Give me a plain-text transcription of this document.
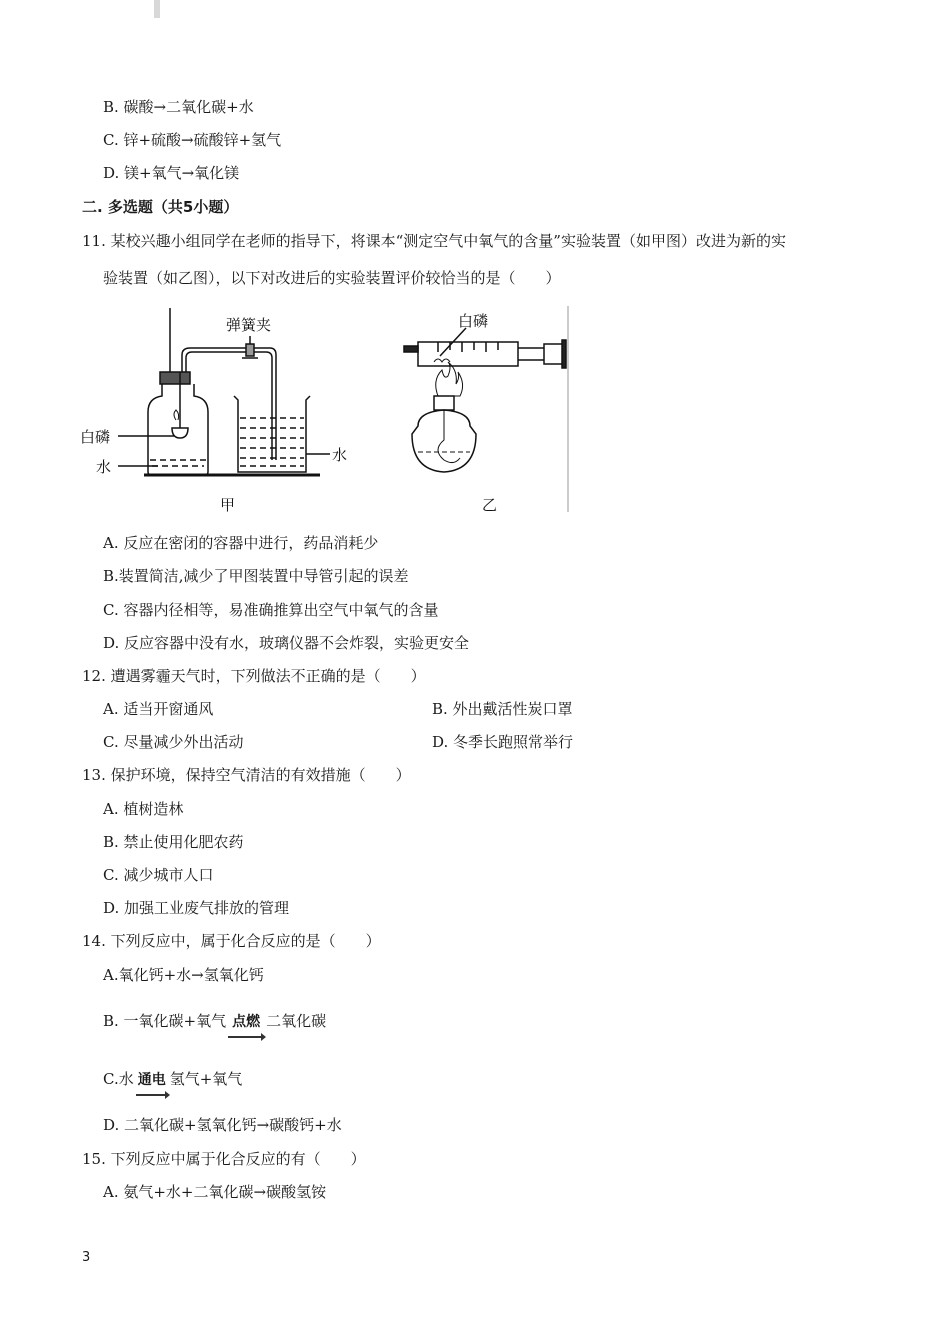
B. 碳酸→二氧化碳+水
C. 锌+硫酸→硫酸锌+氢气
D. 镁+氧气→氧化镁
二. 多选题（共5小题）
11. 某校兴趣小组同学在老师的指导下，将课本“测定空气中氧气的含量”实验装置（如甲图）改进为新的实
验装置（如乙图），以下对改进后的实验装置评价较恰当的是（　　）
弹簧夹
白磷
水
水
白磷
甲	乙
A. 反应在密闭的容器中进行，药品消耗少
B.装置简洁,减少了甲图装置中导管引起的误差
C. 容器内径相等，易准确推算出空气中氧气的含量
D. 反应容器中没有水，玻璃仪器不会炸裂，实验更安全
12. 遭遇雾霾天气时，下列做法不正确的是（　　）
A. 适当开窗通风	B. 外出戴活性炭口罩
C. 尽量减少外出活动	D. 冬季长跑照常举行
13. 保护环境，保持空气清洁的有效措施（　　）
A. 植树造林
B. 禁止使用化肥农药
C. 减少城市人口
D. 加强工业废气排放的管理
14. 下列反应中，属于化合反应的是（　　）
A.氧化钙+水→氢氧化钙
B. 一氧化碳+氧气 点燃 二氧化碳
C.水 通电 氢气+氧气
D. 二氧化碳+氢氧化钙→碳酸钙+水
15. 下列反应中属于化合反应的有（　　）
A. 氨气+水+二氧化碳→碳酸氢铵
3
